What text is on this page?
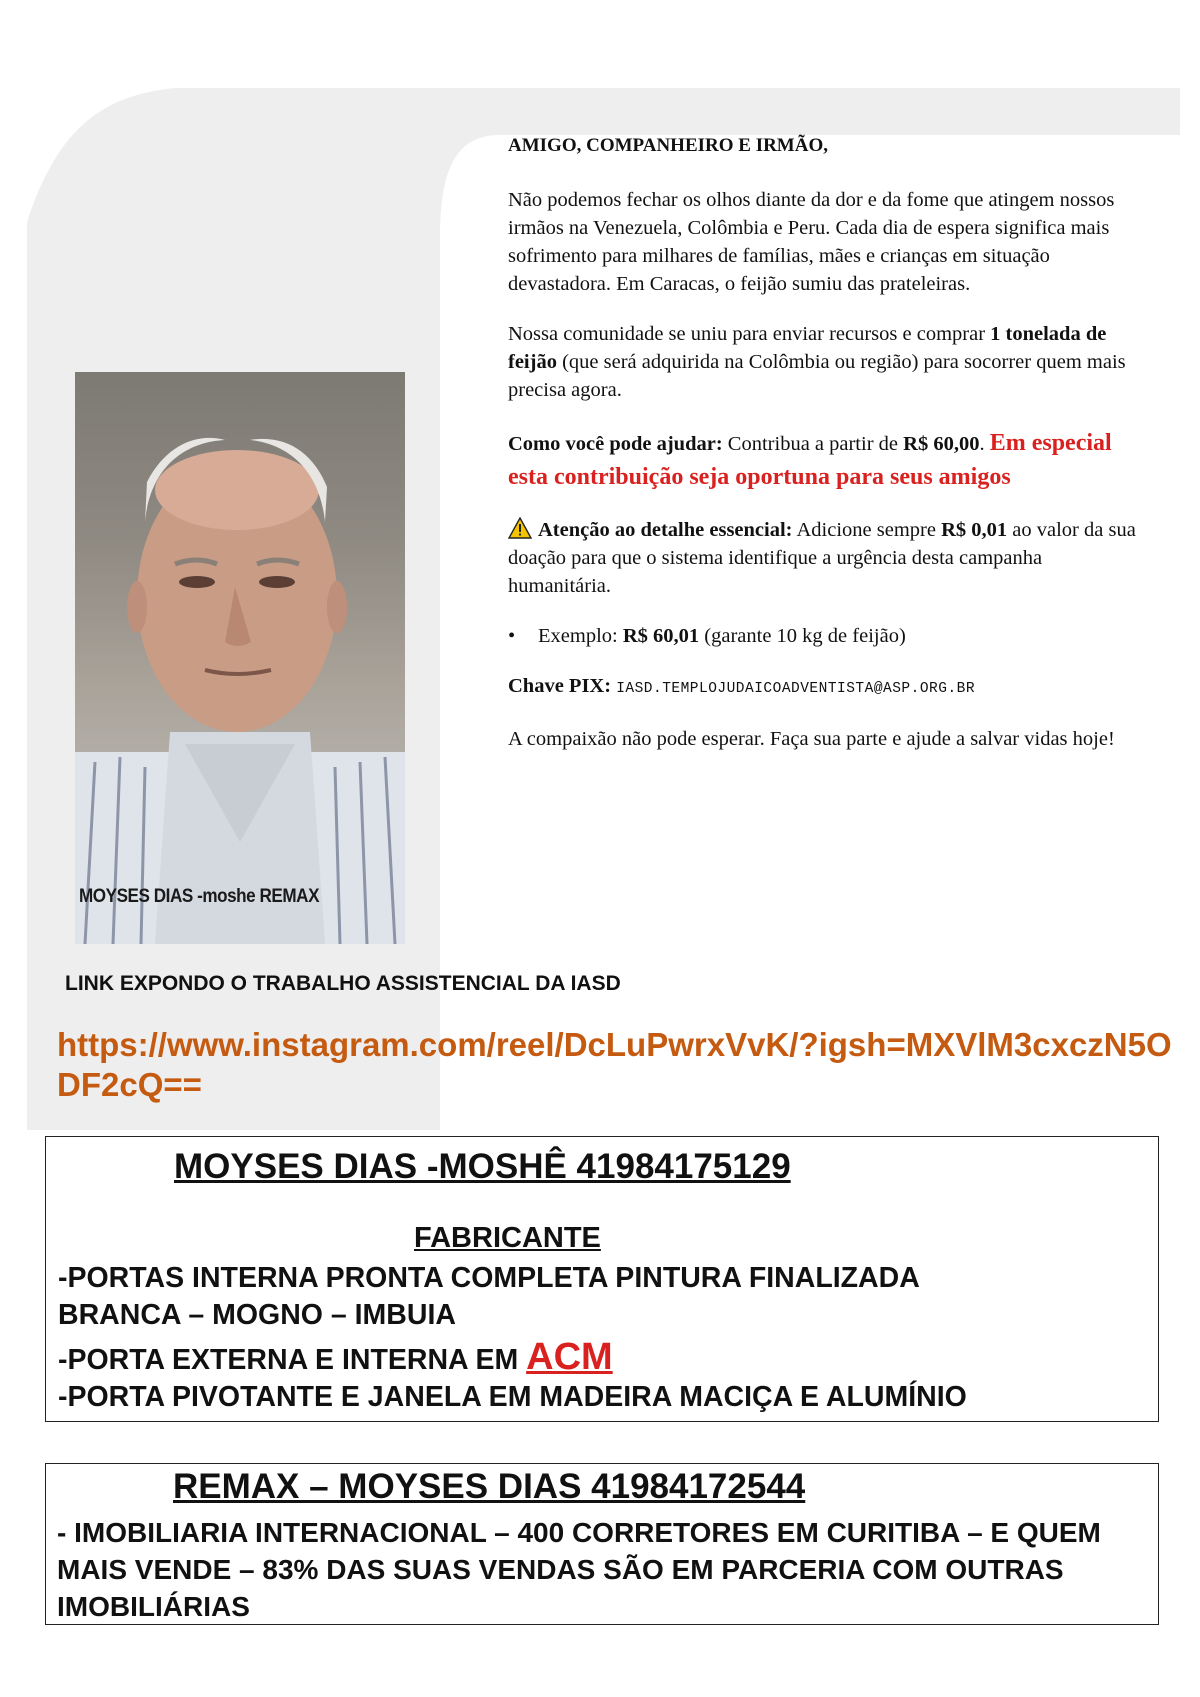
MOYSES DIAS -moshe REMAX

AMIGO, COMPANHEIRO E IRMÃO,

Não podemos fechar os olhos diante da dor e da fome que atingem nossos irmãos na Venezuela, Colômbia e Peru. Cada dia de espera significa mais sofrimento para milhares de famílias, mães e crianças em situação devastadora. Em Caracas, o feijão sumiu das prateleiras.

Nossa comunidade se uniu para enviar recursos e comprar 1 tonelada de feijão (que será adquirida na Colômbia ou região) para socorrer quem mais precisa agora.

Como você pode ajudar: Contribua a partir de R$ 60,00. Em especial esta contribuição seja oportuna para seus amigos

Atenção ao detalhe essencial: Adicione sempre R$ 0,01 ao valor da sua doação para que o sistema identifique a urgência desta campanha humanitária.

• Exemplo: R$ 60,01 (garante 10 kg de feijão)

Chave PIX: IASD.TEMPLOJUDAICOADVENTISTA@ASP.ORG.BR

A compaixão não pode esperar. Faça sua parte e ajude a salvar vidas hoje!

LINK EXPONDO O TRABALHO ASSISTENCIAL DA IASD
https://www.instagram.com/reel/DcLuPwrxVvK/?igsh=MXVlM3cxczN5ODF2cQ==
MOYSES DIAS -MOSHÊ 41984175129
FABRICANTE
-PORTAS INTERNA PRONTA COMPLETA PINTURA FINALIZADA
BRANCA – MOGNO – IMBUIA
-PORTA EXTERNA E INTERNA EM ACM
-PORTA PIVOTANTE E JANELA EM MADEIRA MACIÇA E ALUMÍNIO
REMAX – MOYSES DIAS 41984172544
- IMOBILIARIA INTERNACIONAL – 400 CORRETORES EM CURITIBA – E QUEM MAIS VENDE – 83% DAS SUAS VENDAS SÃO EM PARCERIA COM OUTRAS IMOBILIÁRIAS
